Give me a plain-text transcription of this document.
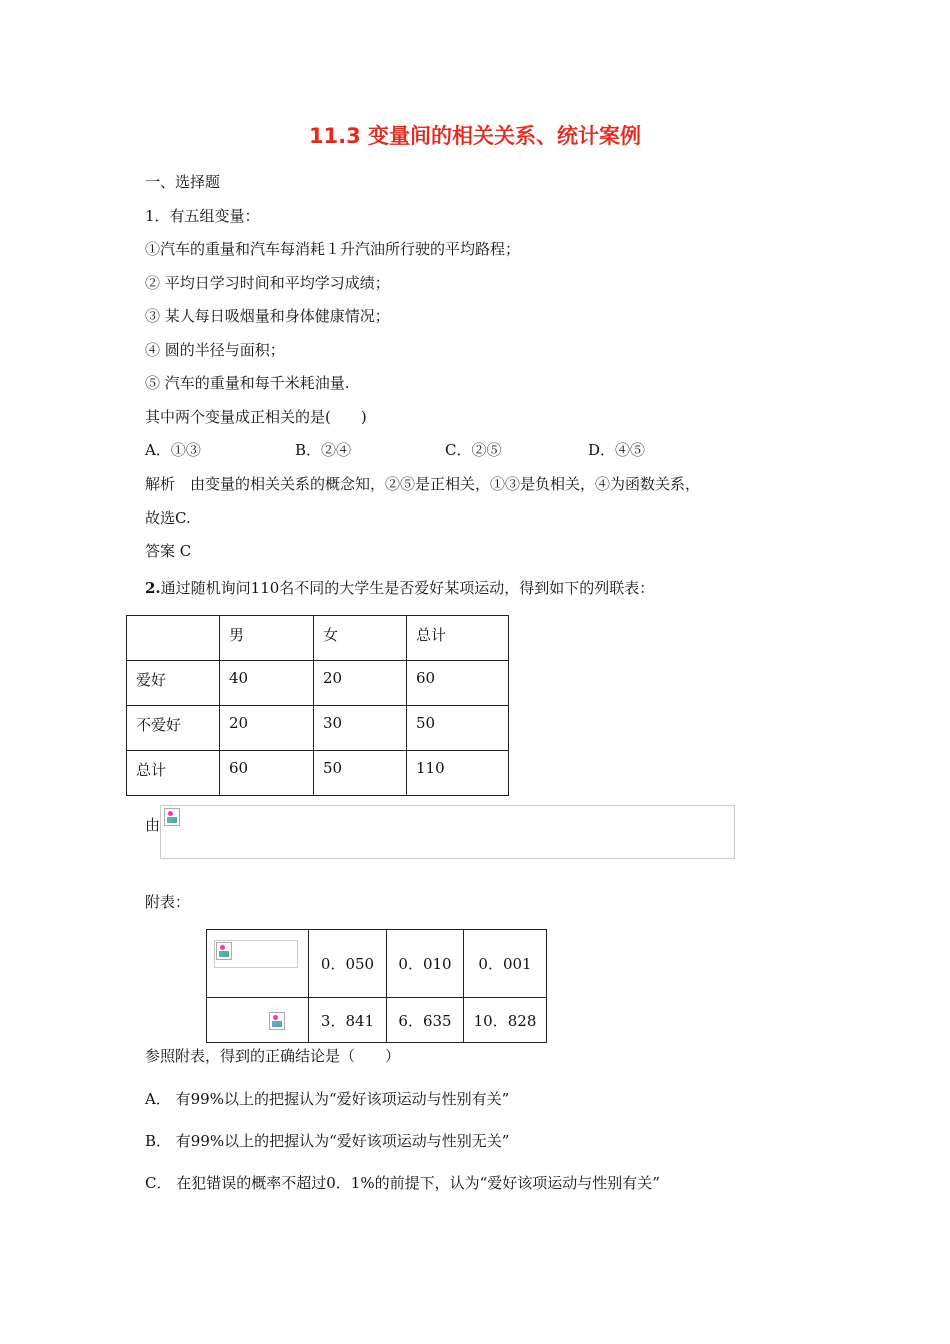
11.3 变量间的相关关系、统计案例
一、选择题
1．有五组变量：
①汽车的重量和汽车每消耗１升汽油所行驶的平均路程；
② 平均日学习时间和平均学习成绩；
③ 某人每日吸烟量和身体健康情况；
④ 圆的半径与面积；
⑤ 汽车的重量和每千米耗油量.
其中两个变量成正相关的是(　　)
A．①③	B．②④	C．②⑤	D．④⑤
解析　由变量的相关关系的概念知，②⑤是正相关，①③是负相关，④为函数关系，
故选C.
答案 C
2.通过随机询问110名不同的大学生是否爱好某项运动，得到如下的列联表：

	男	女	总计

爱好	40	20	60

不爱好	20	30	50

总计	60	50	110
由
附表：
	0．050	0．010	0．001
	3．841	6．635	10．828
参照附表，得到的正确结论是（　　）
A． 有99%以上的把握认为“爱好该项运动与性别有关”
B． 有99%以上的把握认为“爱好该项运动与性别无关”
C． 在犯错误的概率不超过0．1%的前提下，认为“爱好该项运动与性别有关”
